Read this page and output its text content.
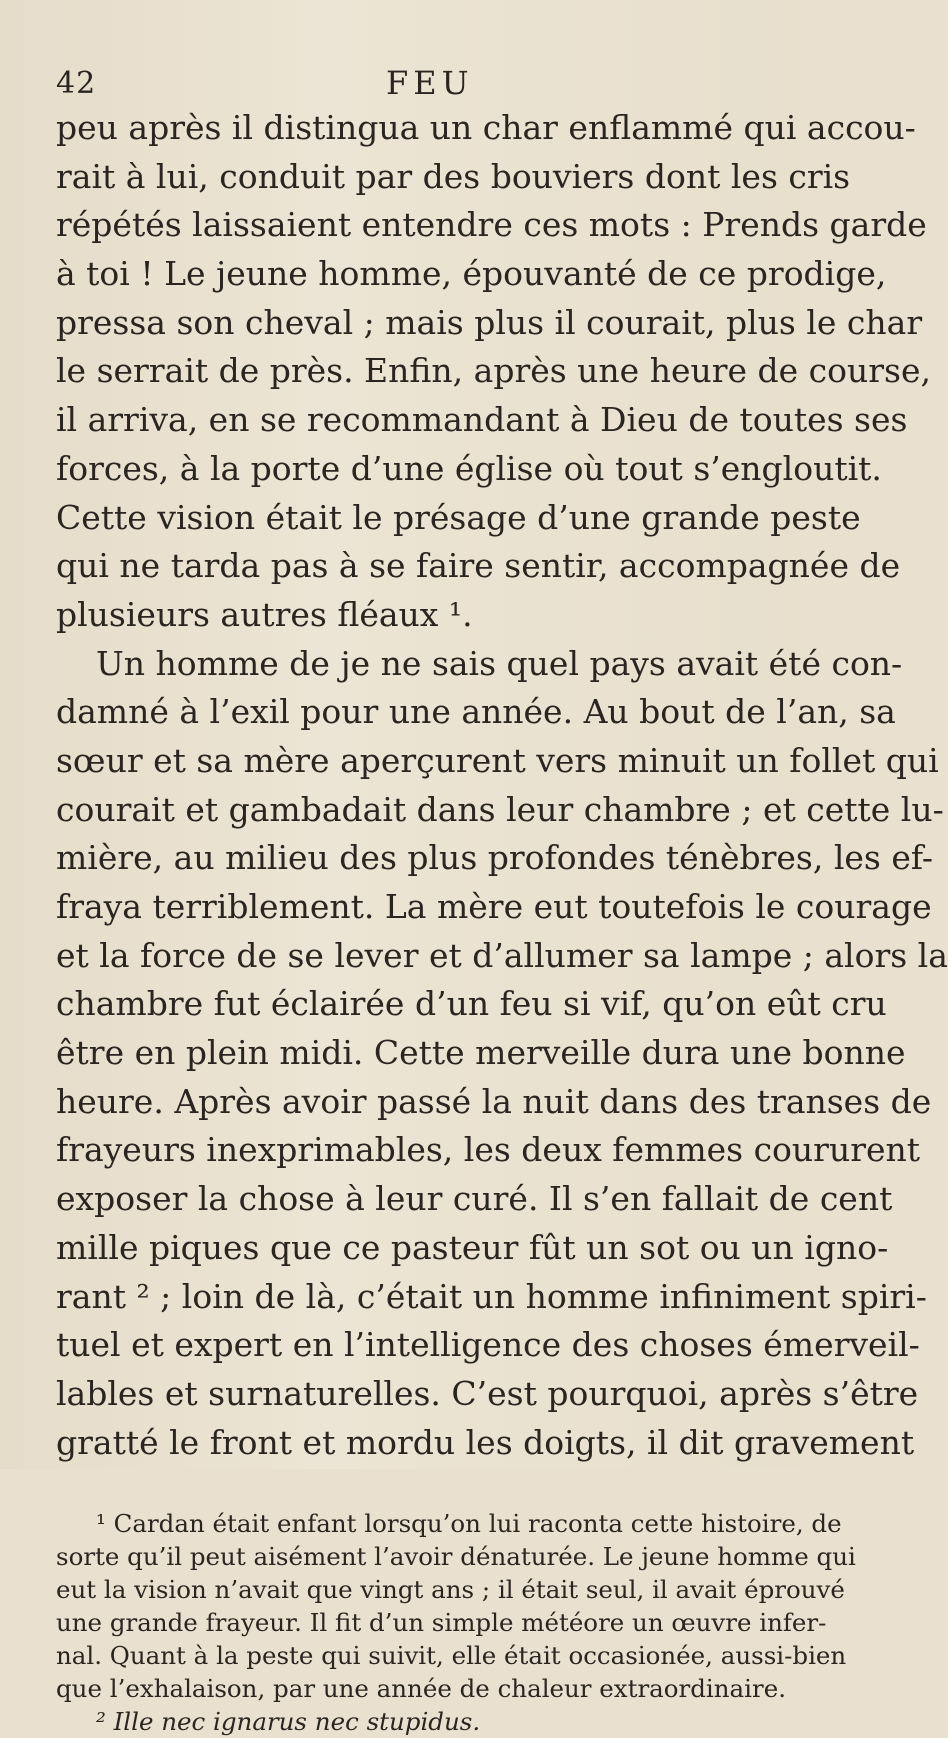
42	FEU
peu après il distingua un char enflammé qui accou-
rait à lui, conduit par des bouviers dont les cris
répétés laissaient entendre ces mots : Prends garde
à toi ! Le jeune homme, épouvanté de ce prodige,
pressa son cheval ; mais plus il courait, plus le char
le serrait de près. Enfin, après une heure de course,
il arriva, en se recommandant à Dieu de toutes ses
forces, à la porte d’une église où tout s’engloutit.
Cette vision était le présage d’une grande peste
qui ne tarda pas à se faire sentir, accompagnée de
plusieurs autres fléaux ¹.
Un homme de je ne sais quel pays avait été con-
damné à l’exil pour une année. Au bout de l’an, sa
sœur et sa mère aperçurent vers minuit un follet qui
courait et gambadait dans leur chambre ; et cette lu-
mière, au milieu des plus profondes ténèbres, les ef-
fraya terriblement. La mère eut toutefois le courage
et la force de se lever et d’allumer sa lampe ; alors la
chambre fut éclairée d’un feu si vif, qu’on eût cru
être en plein midi. Cette merveille dura une bonne
heure. Après avoir passé la nuit dans des transes de
frayeurs inexprimables, les deux femmes coururent
exposer la chose à leur curé. Il s’en fallait de cent
mille piques que ce pasteur fût un sot ou un igno-
rant ² ; loin de là, c’était un homme infiniment spiri-
tuel et expert en l’intelligence des choses émerveil-
lables et surnaturelles. C’est pourquoi, après s’être
gratté le front et mordu les doigts, il dit gravement
¹ Cardan était enfant lorsqu’on lui raconta cette histoire, de
sorte qu’il peut aisément l’avoir dénaturée. Le jeune homme qui
eut la vision n’avait que vingt ans ; il était seul, il avait éprouvé
une grande frayeur. Il fit d’un simple météore un œuvre infer-
nal. Quant à la peste qui suivit, elle était occasionée, aussi-bien
que l’exhalaison, par une année de chaleur extraordinaire.
² Ille nec ignarus nec stupidus.
